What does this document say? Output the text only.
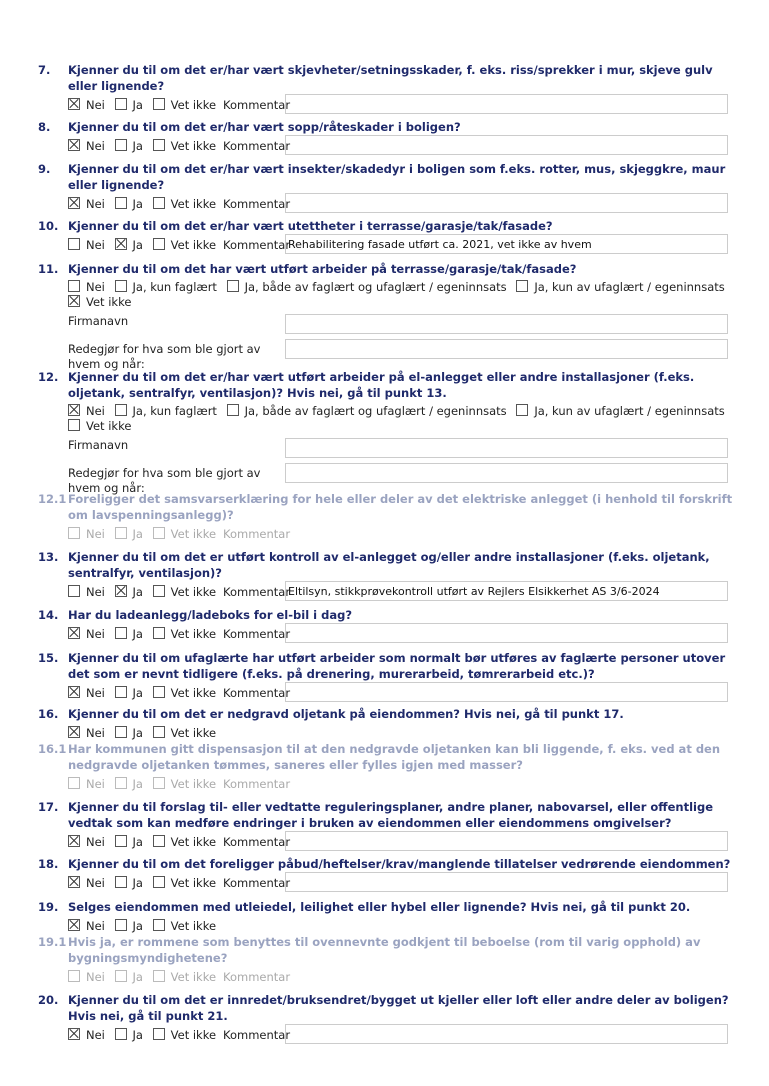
7. Kjenner du til om det er/har vært skjevheter/setningsskader, f. eks. riss/sprekker i mur, skjeve gulv eller lignende?
Nei Ja Vet ikke Kommentar
8. Kjenner du til om det er/har vært sopp/råteskader i boligen?
Nei Ja Vet ikke Kommentar
9. Kjenner du til om det er/har vært insekter/skadedyr i boligen som f.eks. rotter, mus, skjeggkre, maur eller lignende?
Nei Ja Vet ikke Kommentar
10. Kjenner du til om det er/har vært utettheter i terrasse/garasje/tak/fasade?
Nei Ja Vet ikke Kommentar
Rehabilitering fasade utført ca. 2021, vet ikke av hvem
11. Kjenner du til om det har vært utført arbeider på terrasse/garasje/tak/fasade?
Nei Ja, kun faglært Ja, både av faglært og ufaglært / egeninnsats Ja, kun av ufaglært / egeninnsats Vet ikke
Firmanavn
Redegjør for hva som ble gjort av hvem og når:
12. Kjenner du til om det er/har vært utført arbeider på el-anlegget eller andre installasjoner (f.eks. oljetank, sentralfyr, ventilasjon)? Hvis nei, gå til punkt 13.
Nei Ja, kun faglært Ja, både av faglært og ufaglært / egeninnsats Ja, kun av ufaglært / egeninnsats Vet ikke
Firmanavn
Redegjør for hva som ble gjort av hvem og når:
12.1 Foreligger det samsvarserklæring for hele eller deler av det elektriske anlegget (i henhold til forskrift om lavspenningsanlegg)?
Nei Ja Vet ikke Kommentar
13. Kjenner du til om det er utført kontroll av el-anlegget og/eller andre installasjoner (f.eks. oljetank, sentralfyr, ventilasjon)?
Nei Ja Vet ikke Kommentar
Eltilsyn, stikkprøvekontroll utført av Rejlers Elsikkerhet AS 3/6-2024
14. Har du ladeanlegg/ladeboks for el-bil i dag?
Nei Ja Vet ikke Kommentar
15. Kjenner du til om ufaglærte har utført arbeider som normalt bør utføres av faglærte personer utover det som er nevnt tidligere (f.eks. på drenering, murerarbeid, tømrerarbeid etc.)?
Nei Ja Vet ikke Kommentar
16. Kjenner du til om det er nedgravd oljetank på eiendommen? Hvis nei, gå til punkt 17.
Nei Ja Vet ikke
16.1 Har kommunen gitt dispensasjon til at den nedgravde oljetanken kan bli liggende, f. eks. ved at den nedgravde oljetanken tømmes, saneres eller fylles igjen med masser?
Nei Ja Vet ikke Kommentar
17. Kjenner du til forslag til- eller vedtatte reguleringsplaner, andre planer, nabovarsel, eller offentlige vedtak som kan medføre endringer i bruken av eiendommen eller eiendommens omgivelser?
Nei Ja Vet ikke Kommentar
18. Kjenner du til om det foreligger påbud/heftelser/krav/manglende tillatelser vedrørende eiendommen?
Nei Ja Vet ikke Kommentar
19. Selges eiendommen med utleiedel, leilighet eller hybel eller lignende? Hvis nei, gå til punkt 20.
Nei Ja Vet ikke
19.1 Hvis ja, er rommene som benyttes til ovennevnte godkjent til beboelse (rom til varig opphold) av bygningsmyndighetene?
Nei Ja Vet ikke Kommentar
20. Kjenner du til om det er innredet/bruksendret/bygget ut kjeller eller loft eller andre deler av boligen? Hvis nei, gå til punkt 21.
Nei Ja Vet ikke Kommentar
